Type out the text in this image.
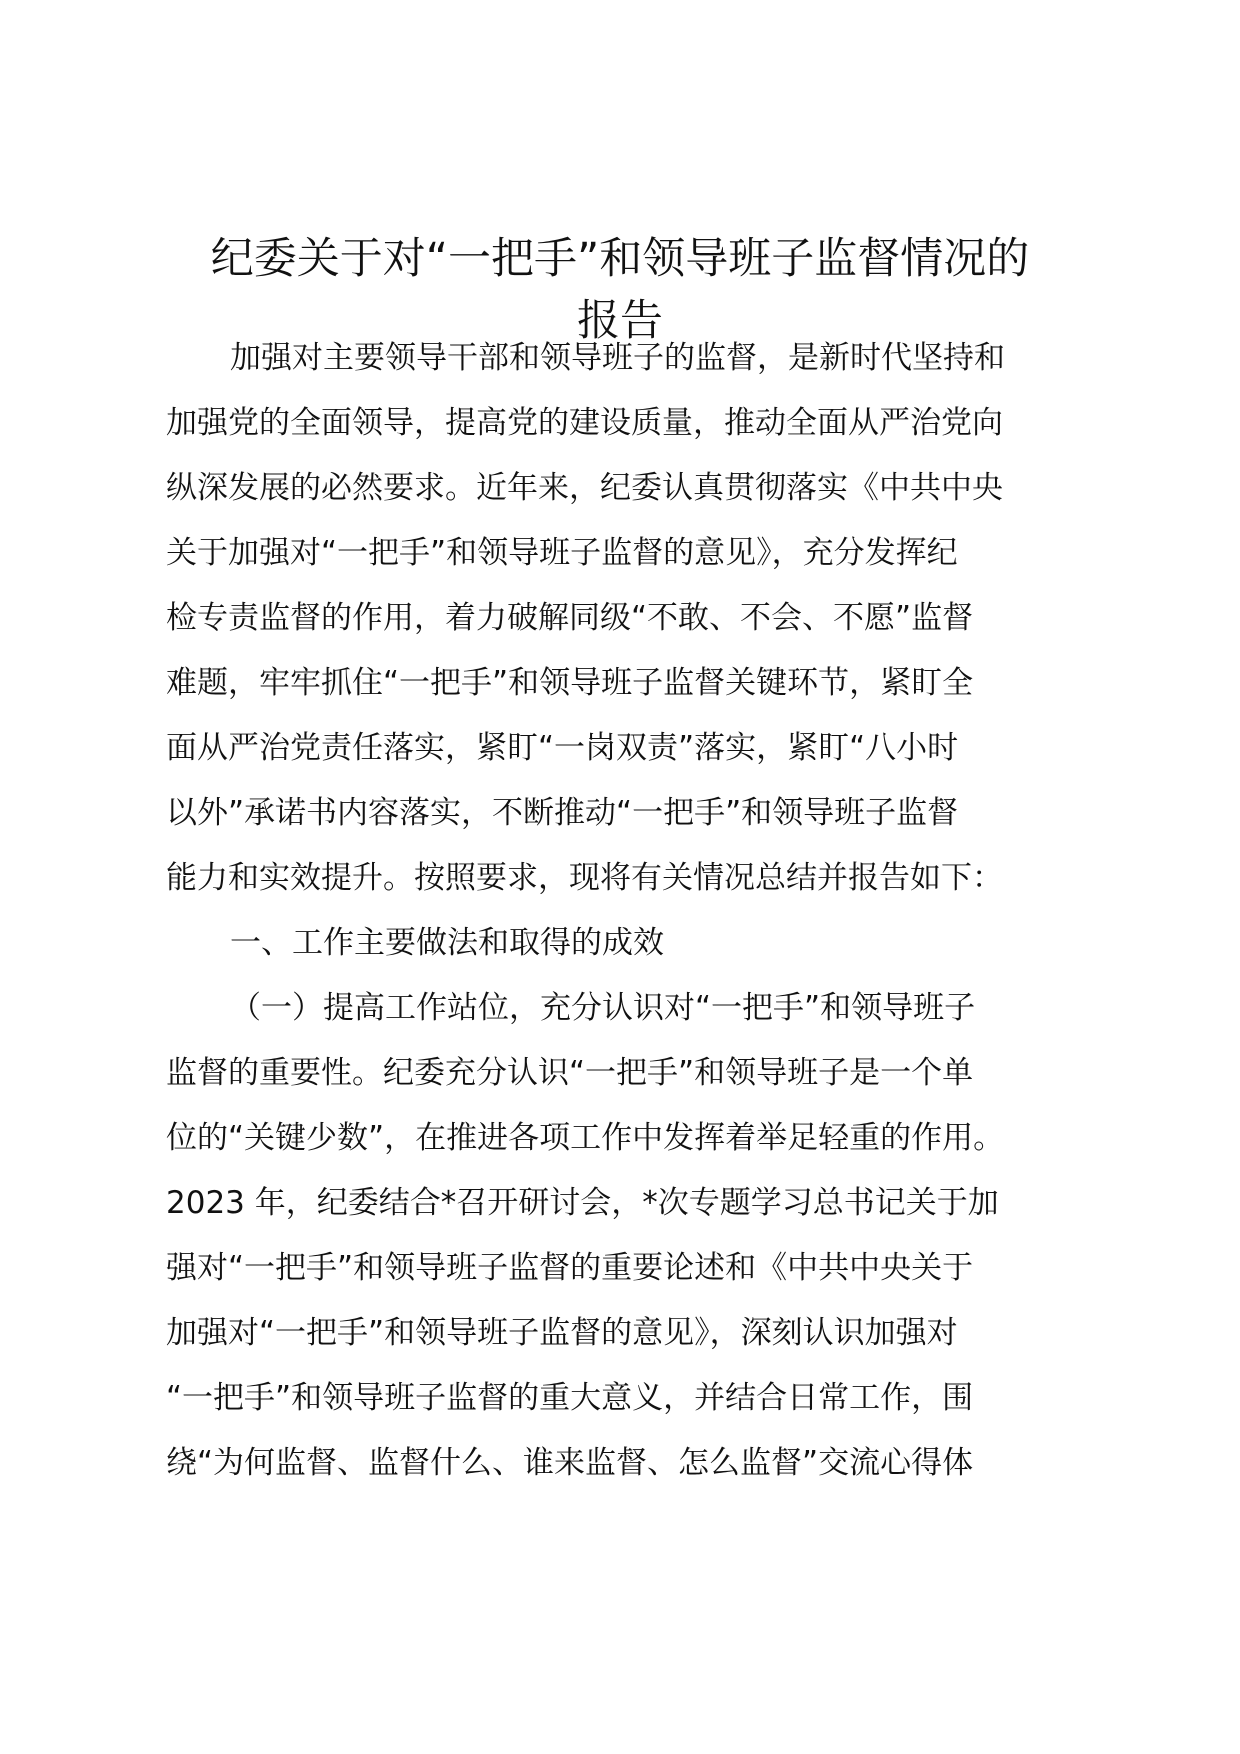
纪委关于对“一把手”和领导班子监督情况的
报告

加强对主要领导干部和领导班子的监督，是新时代坚持和

加强党的全面领导，提高党的建设质量，推动全面从严治党向

纵深发展的必然要求。近年来，纪委认真贯彻落实《中共中央

关于加强对“一把手”和领导班子监督的意见》，充分发挥纪

检专责监督的作用，着力破解同级“不敢、不会、不愿”监督

难题，牢牢抓住“一把手”和领导班子监督关键环节，紧盯全

面从严治党责任落实，紧盯“一岗双责”落实，紧盯“八小时

以外”承诺书内容落实，不断推动“一把手”和领导班子监督

能力和实效提升。按照要求，现将有关情况总结并报告如下：

一、工作主要做法和取得的成效

（一）提高工作站位，充分认识对“一把手”和领导班子

监督的重要性。纪委充分认识“一把手”和领导班子是一个单

位的“关键少数”，在推进各项工作中发挥着举足轻重的作用。

2023 年，纪委结合*召开研讨会，*次专题学习总书记关于加

强对“一把手”和领导班子监督的重要论述和《中共中央关于

加强对“一把手”和领导班子监督的意见》，深刻认识加强对

“一把手”和领导班子监督的重大意义，并结合日常工作，围

绕“为何监督、监督什么、谁来监督、怎么监督”交流心得体
